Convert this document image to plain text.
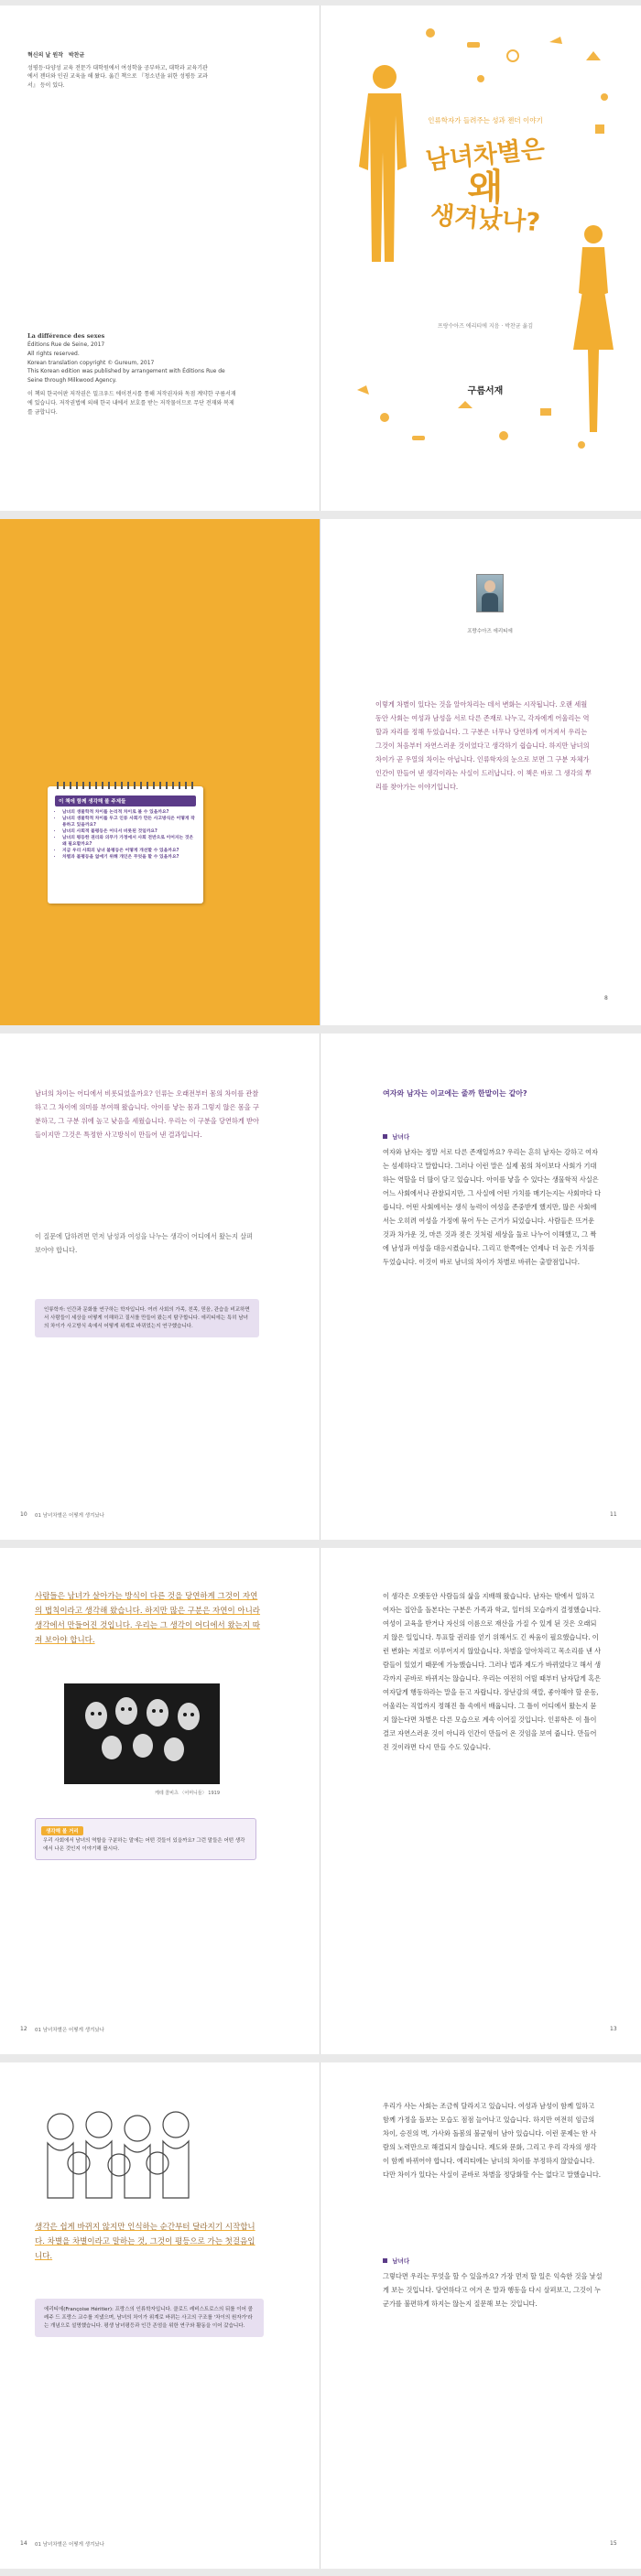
혁신의 날 원작 박찬균
성평등·다양성 교육 전문가 대학원에서 여성학을 공부하고, 대학과 교육기관에서 젠더와 인권 교육을 해 왔다. 옮긴 책으로 『청소년을 위한 성평등 교과서』 등이 있다.
La différence des sexes
Éditions Rue de Seine, 2017
All rights reserved.
Korean translation copyright © Gureum, 2017
This Korean edition was published by arrangement with Éditions Rue de Seine through Milkwood Agency.
이 책의 한국어판 저작권은 밀크우드 에이전시를 통해 저작권자와 독점 계약한 구름서재에 있습니다. 저작권법에 의해 한국 내에서 보호를 받는 저작물이므로 무단 전재와 복제를 금합니다.
인류학자가 들려주는 성과 젠더 이야기
남녀차별은
왜
생겨났나?
프랑수아즈 에리티에 지음 · 박찬균 옮김
구름서재
이 책에 함께 생각해 볼 주제들
• 남녀의 생물학적 차이를 논리적 차이로 볼 수 있을까요?
• 남녀의 생물학적 차이를 두고 인류 사회가 만든 사고방식은 어떻게 작용하고 있을까요?
• 남녀의 사회적 불평등은 어디서 비롯된 것일까요?
• 남녀의 평등한 권리와 의무가 가정에서 사회 전반으로 이어지는 것은 왜 필요할까요?
• 지금 우리 사회의 남녀 불평등은 어떻게 개선할 수 있을까요?
• 차별과 불평등을 없애기 위해 개인은 무엇을 할 수 있을까요?
프랑수아즈 에리티에
이렇게 차별이 있다는 것을 알아차리는 데서 변화는 시작됩니다. 오랜 세월 동안 사회는 여성과 남성을 서로 다른 존재로 나누고, 각자에게 어울리는 역할과 자리를 정해 두었습니다. 그 구분은 너무나 당연하게 여겨져서 우리는 그것이 처음부터 자연스러운 것이었다고 생각하기 쉽습니다. 하지만 남녀의 차이가 곧 우열의 차이는 아닙니다. 인류학자의 눈으로 보면 그 구분 자체가 인간이 만들어 낸 생각이라는 사실이 드러납니다. 이 책은 바로 그 생각의 뿌리를 찾아가는 이야기입니다.
8
남녀의 차이는 어디에서 비롯되었을까요? 인류는 오래전부터 몸의 차이를 관찰하고 그 차이에 의미를 부여해 왔습니다. 아이를 낳는 몸과 그렇지 않은 몸을 구분하고, 그 구분 위에 높고 낮음을 세웠습니다. 우리는 이 구분을 당연하게 받아들이지만 그것은 특정한 사고방식이 만들어 낸 결과입니다.
이 질문에 답하려면 먼저 남성과 여성을 나누는 생각이 어디에서 왔는지 살펴보아야 합니다.
인류학자: 인간과 문화를 연구하는 학자입니다. 여러 사회의 가족, 친족, 믿음, 관습을 비교하면서 사람들이 세상을 어떻게 이해하고 질서를 만들어 왔는지 탐구합니다. 에리티에는 특히 남녀의 차이가 사고방식 속에서 어떻게 위계로 바뀌었는지 연구했습니다.
01 남녀차별은 어떻게 생겨났나
10
여자와 남자는 이교에는 줄까 한말이는 같아?
남녀다
여자와 남자는 정말 서로 다른 존재일까요? 우리는 흔히 남자는 강하고 여자는 섬세하다고 말합니다. 그러나 이런 말은 실제 몸의 차이보다 사회가 기대하는 역할을 더 많이 담고 있습니다. 아이를 낳을 수 있다는 생물학적 사실은 어느 사회에서나 관찰되지만, 그 사실에 어떤 가치를 매기는지는 사회마다 다릅니다. 어떤 사회에서는 생식 능력이 여성을 존중받게 했지만, 많은 사회에서는 오히려 여성을 가정에 묶어 두는 근거가 되었습니다. 사람들은 뜨거운 것과 차가운 것, 마른 것과 젖은 것처럼 세상을 둘로 나누어 이해했고, 그 짝에 남성과 여성을 대응시켰습니다. 그리고 한쪽에는 언제나 더 높은 가치를 두었습니다. 이것이 바로 남녀의 차이가 차별로 바뀌는 출발점입니다.
11
사람들은 남녀가 살아가는 방식이 다른 것을 당연하게 그것이 자연의 법칙이라고 생각해 왔습니다. 하지만 많은 구분은 자연이 아니라 생각에서 만들어진 것입니다. 우리는 그 생각이 어디에서 왔는지 따져 보아야 합니다.
케테 콜비츠 〈어머니들〉 1919
생각해 볼 거리
우리 사회에서 남녀의 역할을 구분하는 말에는 어떤 것들이 있을까요? 그런 말들은 어떤 생각에서 나온 것인지 이야기해 봅시다.
01 남녀차별은 어떻게 생겨났나
12
이 생각은 오랫동안 사람들의 삶을 지배해 왔습니다. 남자는 밖에서 일하고 여자는 집안을 돌본다는 구분은 가족과 학교, 일터의 모습까지 결정했습니다. 여성이 교육을 받거나 자신의 이름으로 재산을 가질 수 있게 된 것은 오래되지 않은 일입니다. 투표할 권리를 얻기 위해서도 긴 싸움이 필요했습니다. 이런 변화는 저절로 이루어지지 않았습니다. 차별을 알아차리고 목소리를 낸 사람들이 있었기 때문에 가능했습니다. 그러나 법과 제도가 바뀌었다고 해서 생각까지 곧바로 바뀌지는 않습니다. 우리는 여전히 어릴 때부터 남자답게 혹은 여자답게 행동하라는 말을 듣고 자랍니다. 장난감의 색깔, 좋아해야 할 운동, 어울리는 직업까지 정해진 틀 속에서 배웁니다. 그 틀이 어디에서 왔는지 묻지 않는다면 차별은 다른 모습으로 계속 이어질 것입니다. 인류학은 이 틀이 결코 자연스러운 것이 아니라 인간이 만들어 온 것임을 보여 줍니다. 만들어진 것이라면 다시 만들 수도 있습니다.
13
생각은 쉽게 바뀌지 않지만 인식하는 순간부터 달라지기 시작합니다. 차별을 차별이라고 말하는 것, 그것이 평등으로 가는 첫걸음입니다.
에리티에(Françoise Héritier): 프랑스의 인류학자입니다. 클로드 레비스트로스의 뒤를 이어 콜레주 드 프랑스 교수를 지냈으며, 남녀의 차이가 위계로 바뀌는 사고의 구조를 '차이의 원자가'라는 개념으로 설명했습니다. 평생 남녀평등과 인간 존엄을 위한 연구와 활동을 이어 갔습니다.
01 남녀차별은 어떻게 생겨났나
14
우리가 사는 사회는 조금씩 달라지고 있습니다. 여성과 남성이 함께 일하고 함께 가정을 돌보는 모습도 점점 늘어나고 있습니다. 하지만 여전히 임금의 차이, 승진의 벽, 가사와 돌봄의 불균형이 남아 있습니다. 이런 문제는 한 사람의 노력만으로 해결되지 않습니다. 제도와 문화, 그리고 우리 각자의 생각이 함께 바뀌어야 합니다. 에리티에는 남녀의 차이를 부정하지 않았습니다. 다만 차이가 있다는 사실이 곧바로 차별을 정당화할 수는 없다고 말했습니다.
남녀다
그렇다면 우리는 무엇을 할 수 있을까요? 가장 먼저 할 일은 익숙한 것을 낯설게 보는 것입니다. 당연하다고 여겨 온 말과 행동을 다시 살펴보고, 그것이 누군가를 불편하게 하지는 않는지 질문해 보는 것입니다.
15
